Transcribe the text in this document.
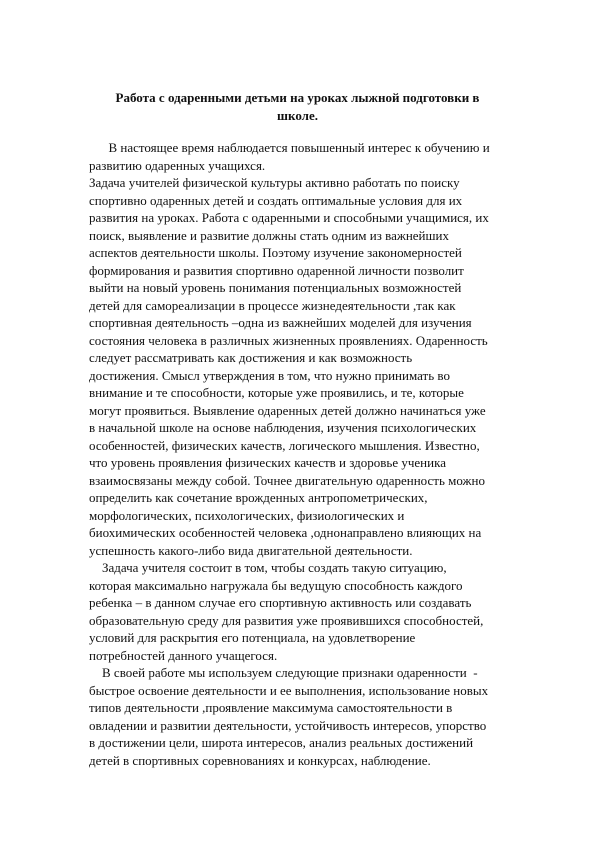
Работа с одаренными детьми на уроках лыжной подготовки в
школе.
В настоящее время наблюдается повышенный интерес к обучению и
развитию одаренных учащихся.
Задача учителей физической культуры активно работать по поиску
спортивно одаренных детей и создать оптимальные условия для их
развития на уроках. Работа с одаренными и способными учащимися, их
поиск, выявление и развитие должны стать одним из важнейших
аспектов деятельности школы. Поэтому изучение закономерностей
формирования и развития спортивно одаренной личности позволит
выйти на новый уровень понимания потенциальных возможностей
детей для самореализации в процессе жизнедеятельности ,так как
спортивная деятельность –одна из важнейших моделей для изучения
состояния человека в различных жизненных проявлениях. Одаренность
следует рассматривать как достижения и как возможность
достижения. Смысл утверждения в том, что нужно принимать во
внимание и те способности, которые уже проявились, и те, которые
могут проявиться. Выявление одаренных детей должно начинаться уже
в начальной школе на основе наблюдения, изучения психологических
особенностей, физических качеств, логического мышления. Известно,
что уровень проявления физических качеств и здоровье ученика
взаимосвязаны между собой. Точнее двигательную одаренность можно
определить как сочетание врожденных антропометрических,
морфологических, психологических, физиологических и
биохимических особенностей человека ,однонаправлено влияющих на
успешность какого-либо вида двигательной деятельности.
Задача учителя состоит в том, чтобы создать такую ситуацию,
которая максимально нагружала бы ведущую способность каждого
ребенка – в данном случае его спортивную активность или создавать
образовательную среду для развития уже проявившихся способностей,
условий для раскрытия его потенциала, на удовлетворение
потребностей данного учащегося.
В своей работе мы используем следующие признаки одаренности  -
быстрое освоение деятельности и ее выполнения, использование новых
типов деятельности ,проявление максимума самостоятельности в
овладении и развитии деятельности, устойчивость интересов, упорство
в достижении цели, широта интересов, анализ реальных достижений
детей в спортивных соревнованиях и конкурсах, наблюдение.
